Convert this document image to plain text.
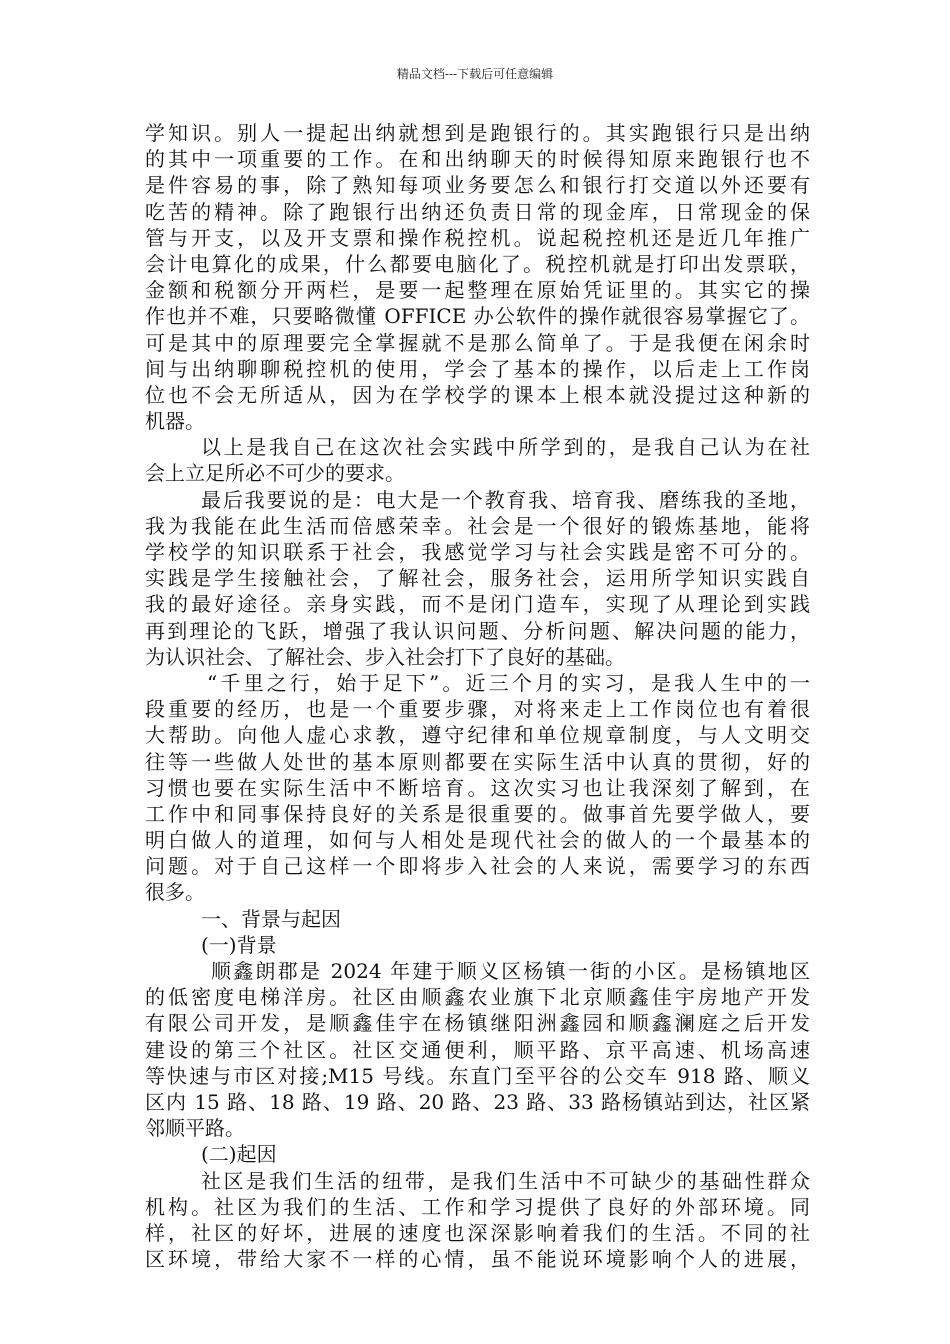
精品文档---下载后可任意编辑
学知识。别人一提起出纳就想到是跑银行的。其实跑银行只是出纳
的其中一项重要的工作。在和出纳聊天的时候得知原来跑银行也不
是件容易的事，除了熟知每项业务要怎么和银行打交道以外还要有
吃苦的精神。除了跑银行出纳还负责日常的现金库，日常现金的保
管与开支，以及开支票和操作税控机。说起税控机还是近几年推广
会计电算化的成果，什么都要电脑化了。税控机就是打印出发票联，
金额和税额分开两栏，是要一起整理在原始凭证里的。其实它的操
作也并不难，只要略微懂 OFFICE 办公软件的操作就很容易掌握它了。
可是其中的原理要完全掌握就不是那么简单了。于是我便在闲余时
间与出纳聊聊税控机的使用，学会了基本的操作，以后走上工作岗
位也不会无所适从，因为在学校学的课本上根本就没提过这种新的
机器。
以上是我自己在这次社会实践中所学到的，是我自己认为在社
会上立足所必不可少的要求。
最后我要说的是：电大是一个教育我、培育我、磨练我的圣地，
我为我能在此生活而倍感荣幸。社会是一个很好的锻炼基地，能将
学校学的知识联系于社会，我感觉学习与社会实践是密不可分的。
实践是学生接触社会，了解社会，服务社会，运用所学知识实践自
我的最好途径。亲身实践，而不是闭门造车，实现了从理论到实践
再到理论的飞跃，增强了我认识问题、分析问题、解决问题的能力，
为认识社会、了解社会、步入社会打下了良好的基础。
“千里之行，始于足下”。近三个月的实习，是我人生中的一
段重要的经历，也是一个重要步骤，对将来走上工作岗位也有着很
大帮助。向他人虚心求教，遵守纪律和单位规章制度，与人文明交
往等一些做人处世的基本原则都要在实际生活中认真的贯彻，好的
习惯也要在实际生活中不断培育。这次实习也让我深刻了解到，在
工作中和同事保持良好的关系是很重要的。做事首先要学做人，要
明白做人的道理，如何与人相处是现代社会的做人的一个最基本的
问题。对于自己这样一个即将步入社会的人来说，需要学习的东西
很多。
一、背景与起因
(一)背景
顺鑫朗郡是 2024 年建于顺义区杨镇一街的小区。是杨镇地区
的低密度电梯洋房。社区由顺鑫农业旗下北京顺鑫佳宇房地产开发
有限公司开发，是顺鑫佳宇在杨镇继阳洲鑫园和顺鑫澜庭之后开发
建设的第三个社区。社区交通便利，顺平路、京平高速、机场高速
等快速与市区对接;M15 号线。东直门至平谷的公交车 918 路、顺义
区内 15 路、18 路、19 路、20 路、23 路、33 路杨镇站到达，社区紧
邻顺平路。
(二)起因
社区是我们生活的纽带，是我们生活中不可缺少的基础性群众
机构。社区为我们的生活、工作和学习提供了良好的外部环境。同
样，社区的好坏，进展的速度也深深影响着我们的生活。不同的社
区环境，带给大家不一样的心情，虽不能说环境影响个人的进展，
